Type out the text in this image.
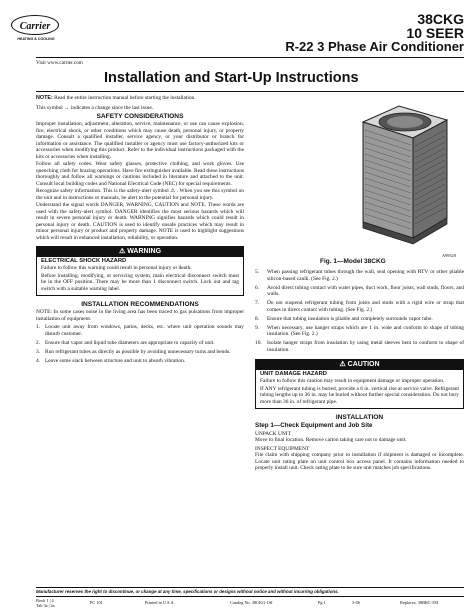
Carrier
HEATING & COOLING
38CKG
10 SEER
R-22 3 Phase Air Conditioner
Visit www.carrier.com
Installation and Start-Up Instructions
NOTE: Read the entire instruction manual before starting the installation.
This symbol → indicates a change since the last issue.
SAFETY CONSIDERATIONS
Improper installation, adjustment, alteration, service, maintenance, or use can cause explosion, fire, electrical shock, or other conditions which may cause death, personal injury, or property damage. Consult a qualified installer, service agency, or your distributor or branch for information or assistance. The qualified installer or agency must use factory-authorized kits or accessories when modifying this product. Refer to the individual instructions packaged with the kits or accessories when installing.
Follow all safety codes. Wear safety glasses, protective clothing, and work gloves. Use quenching cloth for brazing operations. Have fire extinguisher available. Read these instructions thoroughly and follow all warnings or cautions included in literature and attached to the unit. Consult local building codes and National Electrical Code (NEC) for special requirements.
Recognize safety information. This is the safety-alert symbol ⚠ . When you see this symbol on the unit and in instructions or manuals, be alert to the potential for personal injury.
Understand the signal words DANGER, WARNING, CAUTION and NOTE. These words are used with the safety-alert symbol. DANGER identifies the most serious hazards which will result in severe personal injury or death. WARNING signifies hazards which could result in personal injury or death. CAUTION is used to identify unsafe practices which may result in minor personal injury or product and property damage. NOTE is used to highlight suggestions which will result in enhanced installation, reliability, or operation.
⚠ WARNING
ELECTRICAL SHOCK HAZARD
Failure to follow this warning could result in personal injury or death.
Before installing, modifying, or servicing system, main electrical disconnect switch must be in the OFF position. There may be more than 1 disconnect switch. Lock out and tag switch with a suitable warning label.
INSTALLATION RECOMMENDATIONS
NOTE: In some cases noise in the living area has been traced to gas pulsations from improper installation of equipment.
1. Locate unit away from windows, patios, decks, etc. where unit operation sounds may disturb customer.
2. Ensure that vapor and liquid tube diameters are appropriate to capacity of unit.
3. Run refrigerant tubes as directly as possible by avoiding unnecessary turns and bends.
4. Leave some slack between structure and unit to absorb vibration.
A99528
Fig. 1—Model 38CKG
5. When passing refrigerant tubes through the wall, seal opening with RTV or other pliable silicon-based caulk. (See Fig. 2.)
6. Avoid direct tubing contact with water pipes, duct work, floor joists, wall studs, floors, and walls.
7. Do not suspend refrigerant tubing from joists and studs with a rigid wire or strap that comes in direct contact with tubing. (See Fig. 2.)
8. Ensure that tubing insulation is pliable and completely surrounds vapor tube.
9. When necessary, use hanger straps which are 1 in. wide and conform to shape of tubing insulation. (See Fig. 2.)
10. Isolate hanger straps from insulation by using metal sleeves bent to conform to shape of insulation.
⚠ CAUTION
UNIT DAMAGE HAZARD
Failure to follow this caution may result in equipment damage or improper operation.
If ANY refrigerant tubing is buried, provide a 6 in. vertical rise at service valve. Refrigerant tubing lengths up to 36 in. may be buried without further special consideration. Do not bury more than 36 in. of refrigerant pipe.
INSTALLATION
Step 1—Check Equipment and Job Site
UNPACK UNIT
Move to final location. Remove carton taking care not to damage unit.
INSPECT EQUIPMENT
File claim with shipping company prior to installation if shipment is damaged or incomplete. Locate unit rating plate on unit control box access panel. It contains information needed to properly install unit. Check rating plate to be sure unit matches job specifications.
Manufacturer reserves the right to discontinue, or change at any time, specifications or designs without notice and without incurring obligations.
Book 1 | 4
Tab 3a | 2a
PC 101	Printed in U.S.A.	Catalog No. 38CKG-1SI	Pg 1	3-06	Replaces: 38BRC-5SI
